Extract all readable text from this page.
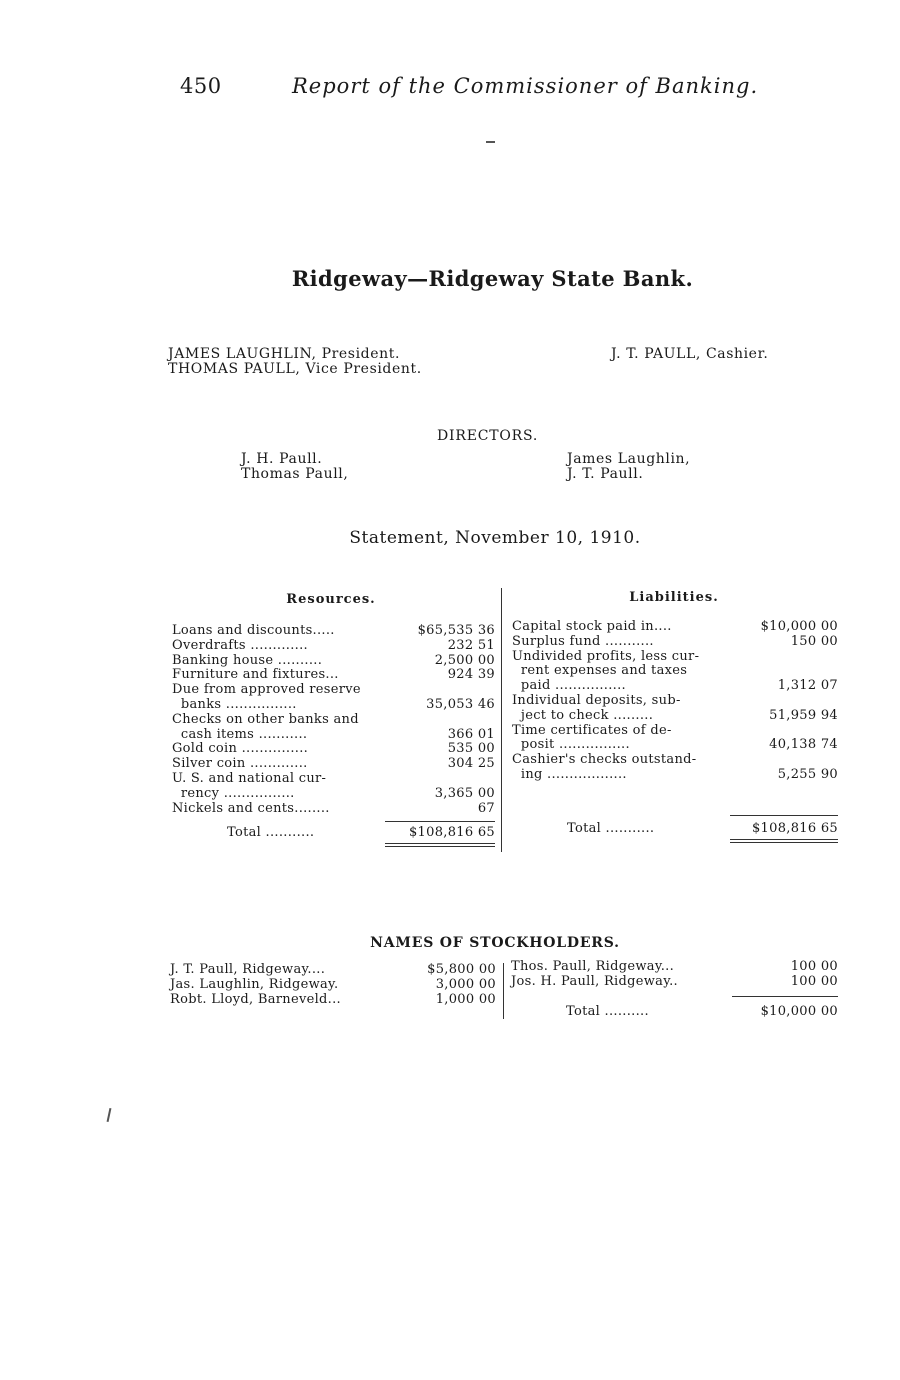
450	Report of the Commissioner of Banking.
Ridgeway—Ridgeway State Bank.
JAMES LAUGHLIN, President.
THOMAS PAULL, Vice President.
J. T. PAULL, Cashier.
DIRECTORS.
J. H. Paull.
Thomas Paull,
James Laughlin,
J. T. Paull.
Statement, November 10, 1910.
Resources.	Liabilities.
Loans and discounts.....	$65,535 36
Overdrafts .............	232 51
Banking house ..........	2,500 00
Furniture and fixtures...	924 39
Due from approved reserve
banks ................	35,053 46
Checks on other banks and
cash items ...........	366 01
Gold coin ...............	535 00
Silver coin .............	304 25
U. S. and national cur-
rency ................	3,365 00
Nickels and cents........	67
Capital stock paid in....	$10,000 00
Surplus fund ...........	150 00
Undivided profits, less cur-
rent expenses and taxes
paid ................	1,312 07
Individual deposits, sub-
ject to check .........	51,959 94
Time certificates of de-
posit ................	40,138 74
Cashier's checks outstand-
ing ..................	5,255 90
Total ...........	$108,816 65	Total ...........	$108,816 65
NAMES OF STOCKHOLDERS.
J. T. Paull, Ridgeway....	$5,800 00
Jas. Laughlin, Ridgeway.	3,000 00
Robt. Lloyd, Barneveld...	1,000 00
Thos. Paull, Ridgeway...	100 00
Jos. H. Paull, Ridgeway..	100 00
Total ..........	$10,000 00
